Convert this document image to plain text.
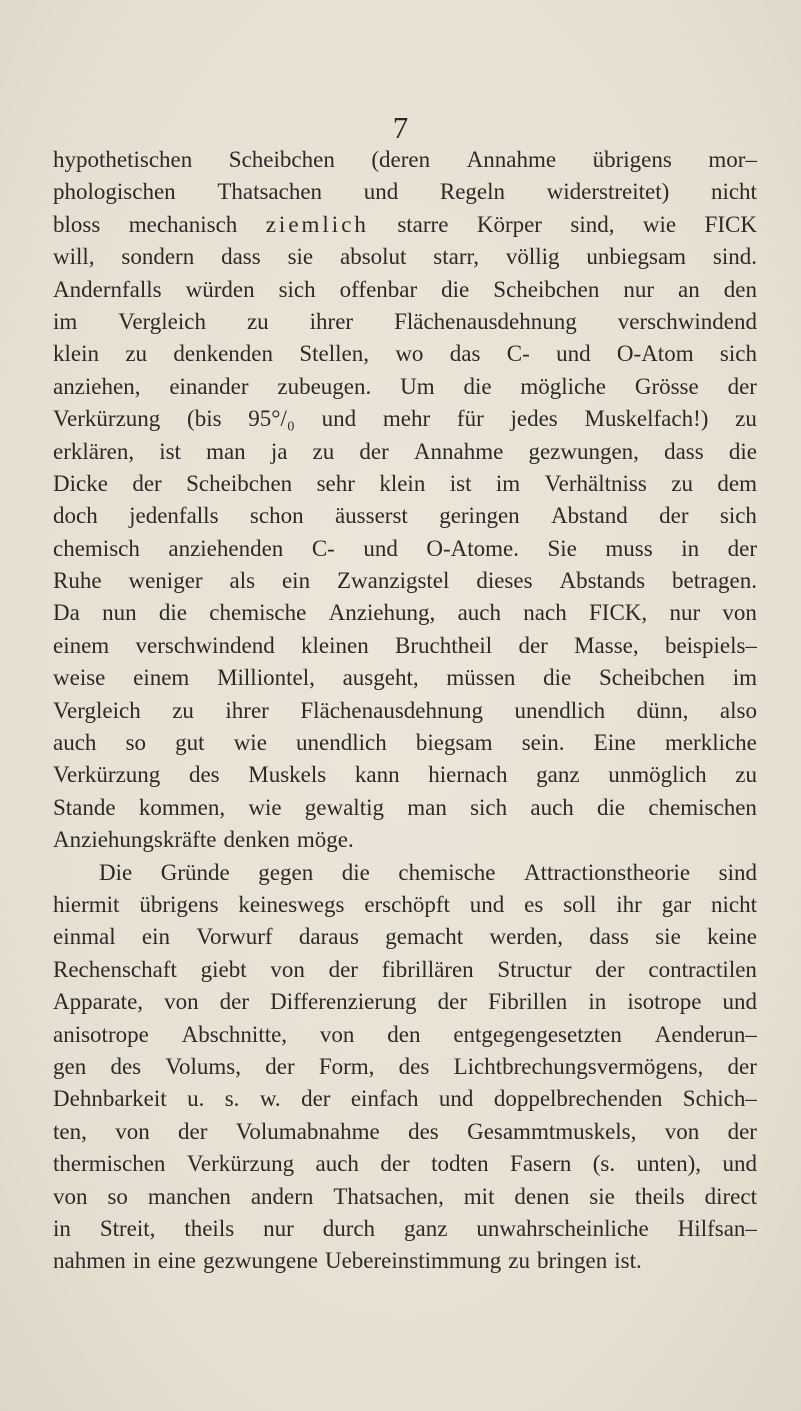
7
hypothetischen Scheibchen (deren Annahme übrigens mor–
phologischen Thatsachen und Regeln widerstreitet) nicht
bloss mechanisch ziemlich starre Körper sind, wie FICK
will, sondern dass sie absolut starr, völlig unbiegsam sind.
Andernfalls würden sich offenbar die Scheibchen nur an den
im Vergleich zu ihrer Flächenausdehnung verschwindend
klein zu denkenden Stellen, wo das C- und O-Atom sich
anziehen, einander zubeugen. Um die mögliche Grösse der
Verkürzung (bis 95°/₀ und mehr für jedes Muskelfach!) zu
erklären, ist man ja zu der Annahme gezwungen, dass die
Dicke der Scheibchen sehr klein ist im Verhältniss zu dem
doch jedenfalls schon äusserst geringen Abstand der sich
chemisch anziehenden C- und O-Atome. Sie muss in der
Ruhe weniger als ein Zwanzigstel dieses Abstands betragen.
Da nun die chemische Anziehung, auch nach FICK, nur von
einem verschwindend kleinen Bruchtheil der Masse, beispiels–
weise einem Milliontel, ausgeht, müssen die Scheibchen im
Vergleich zu ihrer Flächenausdehnung unendlich dünn, also
auch so gut wie unendlich biegsam sein. Eine merkliche
Verkürzung des Muskels kann hiernach ganz unmöglich zu
Stande kommen, wie gewaltig man sich auch die chemischen
Anziehungskräfte denken möge.
Die Gründe gegen die chemische Attractionstheorie sind
hiermit übrigens keineswegs erschöpft und es soll ihr gar nicht
einmal ein Vorwurf daraus gemacht werden, dass sie keine
Rechenschaft giebt von der fibrillären Structur der contractilen
Apparate, von der Differenzierung der Fibrillen in isotrope und
anisotrope Abschnitte, von den entgegengesetzten Aenderun–
gen des Volums, der Form, des Lichtbrechungsvermögens, der
Dehnbarkeit u. s. w. der einfach und doppelbrechenden Schich–
ten, von der Volumabnahme des Gesammtmuskels, von der
thermischen Verkürzung auch der todten Fasern (s. unten), und
von so manchen andern Thatsachen, mit denen sie theils direct
in Streit, theils nur durch ganz unwahrscheinliche Hilfsan–
nahmen in eine gezwungene Uebereinstimmung zu bringen ist.
